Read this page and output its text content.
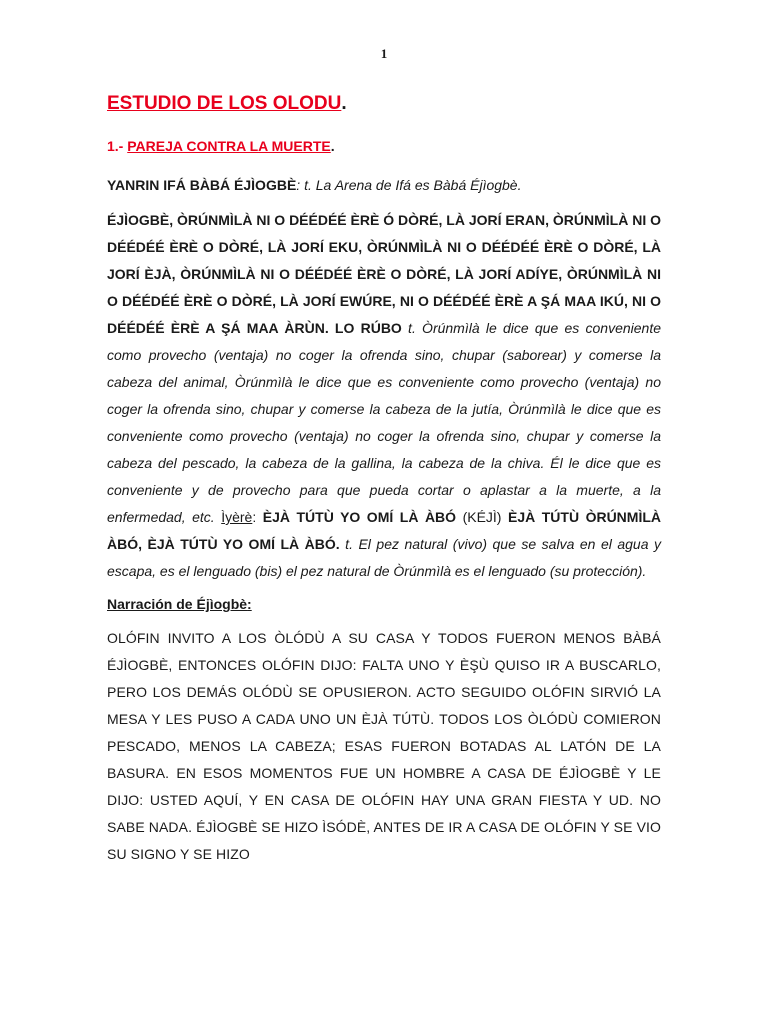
1
ESTUDIO DE LOS OLODU.
1.- PAREJA CONTRA LA MUERTE.
YANRIN IFÁ BÀBÁ ÉJÌOGBÈ: t. La Arena de Ifá es Bàbá Éjìogbè.
ÉJÌOGBÈ, ÒRÚNMÌLÀ NI O DÉÉDÉÉ ÈRÈ Ó DÒRÉ, LÀ JORÍ ERAN, ÒRÚNMÌLÀ NI O DÉÉDÉÉ ÈRÈ O DÒRÉ, LÀ JORÍ EKU, ÒRÚNMÌLÀ NI O DÉÉDÉÉ ÈRÈ O DÒRÉ, LÀ JORÍ ÈJÀ, ÒRÚNMÌLÀ NI O DÉÉDÉÉ ÈRÈ O DÒRÉ, LÀ JORÍ ADÍYE, ÒRÚNMÌLÀ NI O DÉÉDÉÉ ÈRÈ O DÒRÉ, LÀ JORÍ EWÚRE, NI O DÉÉDÉÉ ÈRÈ A ŞÁ MAA IKÚ, NI O DÉÉDÉÉ ÈRÈ A ŞÁ MAA ÀRÙN. LO RÚBO t. Òrúnmìlà le dice que es conveniente como provecho (ventaja) no coger la ofrenda sino, chupar (saborear) y comerse la cabeza del animal, Òrúnmìlà le dice que es conveniente como provecho (ventaja) no coger la ofrenda sino, chupar y comerse la cabeza de la jutía, Òrúnmìlà le dice que es conveniente como provecho (ventaja) no coger la ofrenda sino, chupar y comerse la cabeza del pescado, la cabeza de la gallina, la cabeza de la chiva. Él le dice que es conveniente y de provecho para que pueda cortar o aplastar a la muerte, a la enfermedad, etc. Ìyèrè: ÈJÀ TÚTÙ YO OMÍ LÀ ÀBÓ (KÉJÌ) ÈJÀ TÚTÙ ÒRÚNMÌLÀ ÀBÓ, ÈJÀ TÚTÙ YO OMÍ LÀ ÀBÓ. t. El pez natural (vivo) que se salva en el agua y escapa, es el lenguado (bis) el pez natural de Òrúnmìlà es el lenguado (su protección).
Narración de Éjìogbè:
OLÓFIN INVITO A LOS ÒLÓDÙ A SU CASA Y TODOS FUERON MENOS BÀBÁ ÉJÌOGBÈ, ENTONCES OLÓFIN DIJO: FALTA UNO Y ÈŞÙ QUISO IR A BUSCARLO, PERO LOS DEMÁS OLÓDÙ SE OPUSIERON. ACTO SEGUIDO OLÓFIN SIRVIÓ LA MESA Y LES PUSO A CADA UNO UN ÈJÀ TÚTÙ. TODOS LOS ÒLÓDÙ COMIERON PESCADO, MENOS LA CABEZA; ESAS FUERON BOTADAS AL LATÓN DE LA BASURA. EN ESOS MOMENTOS FUE UN HOMBRE A CASA DE ÉJÌOGBÈ Y LE DIJO: USTED AQUÍ, Y EN CASA DE OLÓFIN HAY UNA GRAN FIESTA Y UD. NO SABE NADA. ÉJÌOGBÈ SE HIZO ÌSÓDÈ, ANTES DE IR A CASA DE OLÓFIN Y SE VIO SU SIGNO Y SE HIZO
